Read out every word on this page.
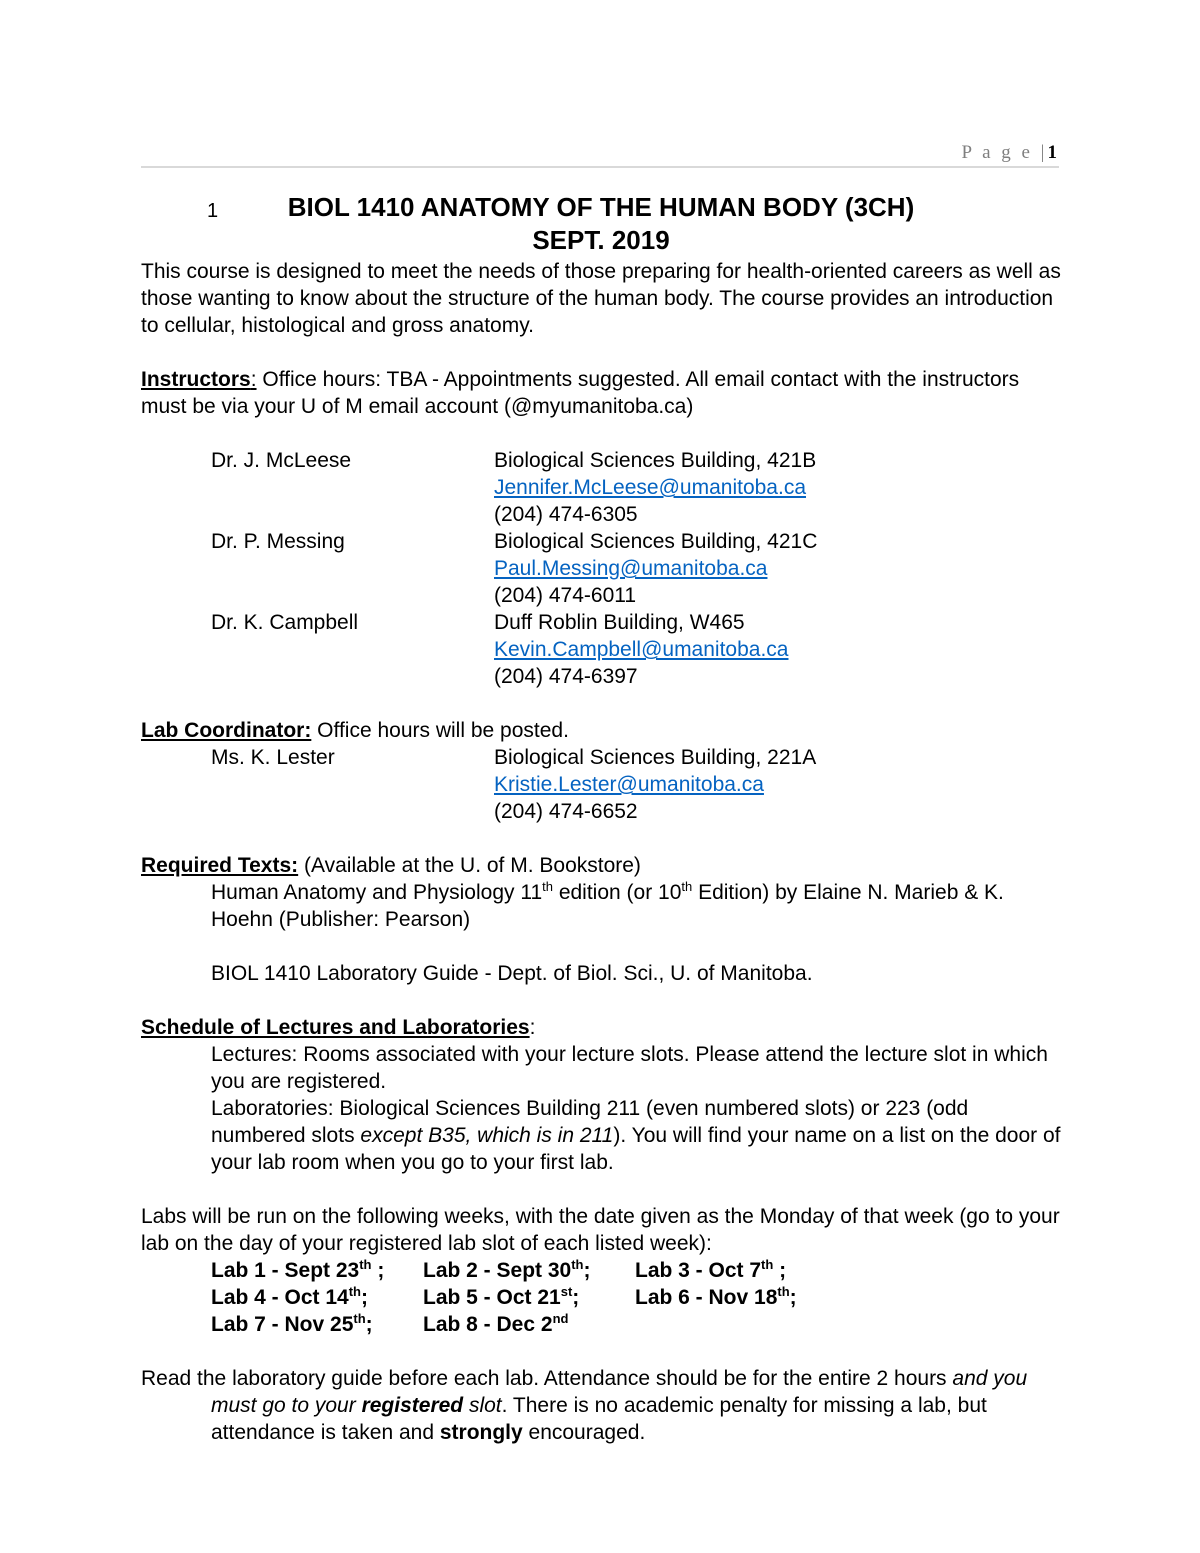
P a g e |1
1	BIOL 1410 ANATOMY OF THE HUMAN BODY (3CH)
SEPT. 2019

This course is designed to meet the needs of those preparing for health-oriented careers as well as those wanting to know about the structure of the human body. The course provides an introduction to cellular, histological and gross anatomy.

Instructors: Office hours: TBA - Appointments suggested. All email contact with the instructors must be via your U of M email account (@myumanitoba.ca)

Dr. J. McLeese	Biological Sciences Building, 421B
Jennifer.McLeese@umanitoba.ca
(204) 474-6305
Dr. P. Messing	Biological Sciences Building, 421C
Paul.Messing@umanitoba.ca
(204) 474-6011
Dr. K. Campbell	Duff Roblin Building, W465
Kevin.Campbell@umanitoba.ca
(204) 474-6397

Lab Coordinator: Office hours will be posted.

Ms. K. Lester	Biological Sciences Building, 221A
Kristie.Lester@umanitoba.ca
(204) 474-6652

Required Texts: (Available at the U. of M. Bookstore)

Human Anatomy and Physiology 11th edition (or 10th Edition) by Elaine N. Marieb & K. Hoehn (Publisher: Pearson)

BIOL 1410 Laboratory Guide - Dept. of Biol. Sci., U. of Manitoba.

Schedule of Lectures and Laboratories:

Lectures: Rooms associated with your lecture slots. Please attend the lecture slot in which you are registered.

Laboratories: Biological Sciences Building 211 (even numbered slots) or 223 (odd numbered slots except B35, which is in 211). You will find your name on a list on the door of your lab room when you go to your first lab.

Labs will be run on the following weeks, with the date given as the Monday of that week (go to your lab on the day of your registered lab slot of each listed week):

Lab 1 - Sept 23th ;	Lab 2 - Sept 30th;	Lab 3 - Oct 7th ;
Lab 4 - Oct 14th;	Lab 5 - Oct 21st;	Lab 6 - Nov 18th;
Lab 7 - Nov 25th;	Lab 8 - Dec 2nd

Read the laboratory guide before each lab. Attendance should be for the entire 2 hours and you must go to your registered slot. There is no academic penalty for missing a lab, but attendance is taken and strongly encouraged.
